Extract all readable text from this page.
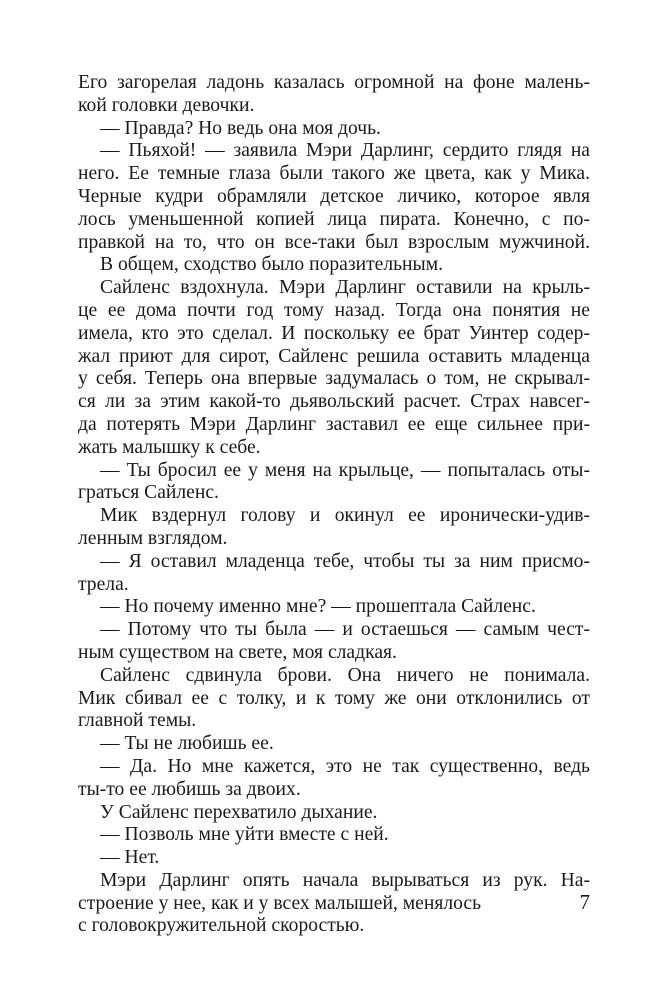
Его загорелая ладонь казалась огромной на фоне малень-
кой головки девочки.
— Правда? Но ведь она моя дочь.
— Пьяхой! — заявила Мэри Дарлинг, сердито глядя на
него. Ее темные глаза были такого же цвета, как у Мика.
Черные кудри обрамляли детское личико, которое явля
лось уменьшенной копией лица пирата. Конечно, с по-
правкой на то, что он все-таки был взрослым мужчиной.
В общем, сходство было поразительным.
Сайленс вздохнула. Мэри Дарлинг оставили на крыль-
це ее дома почти год тому назад. Тогда она понятия не
имела, кто это сделал. И поскольку ее брат Уинтер содер-
жал приют для сирот, Сайленс решила оставить младенца
у себя. Теперь она впервые задумалась о том, не скрывал-
ся ли за этим какой-то дьявольский расчет. Страх навсег-
да потерять Мэри Дарлинг заставил ее еще сильнее при-
жать малышку к себе.
— Ты бросил ее у меня на крыльце, — попыталась оты-
граться Сайленс.
Мик вздернул голову и окинул ее иронически-удив-
ленным взглядом.
— Я оставил младенца тебе, чтобы ты за ним присмо-
трела.
— Но почему именно мне? — прошептала Сайленс.
— Потому что ты была — и остаешься — самым чест-
ным существом на свете, моя сладкая.
Сайленс сдвинула брови. Она ничего не понимала.
Мик сбивал ее с толку, и к тому же они отклонились от
главной темы.
— Ты не любишь ее.
— Да. Но мне кажется, это не так существенно, ведь
ты-то ее любишь за двоих.
У Сайленс перехватило дыхание.
— Позволь мне уйти вместе с ней.
— Нет.
Мэри Дарлинг опять начала вырываться из рук. На-
строение у нее, как и у всех малышей, менялось
с головокружительной скоростью.
7
